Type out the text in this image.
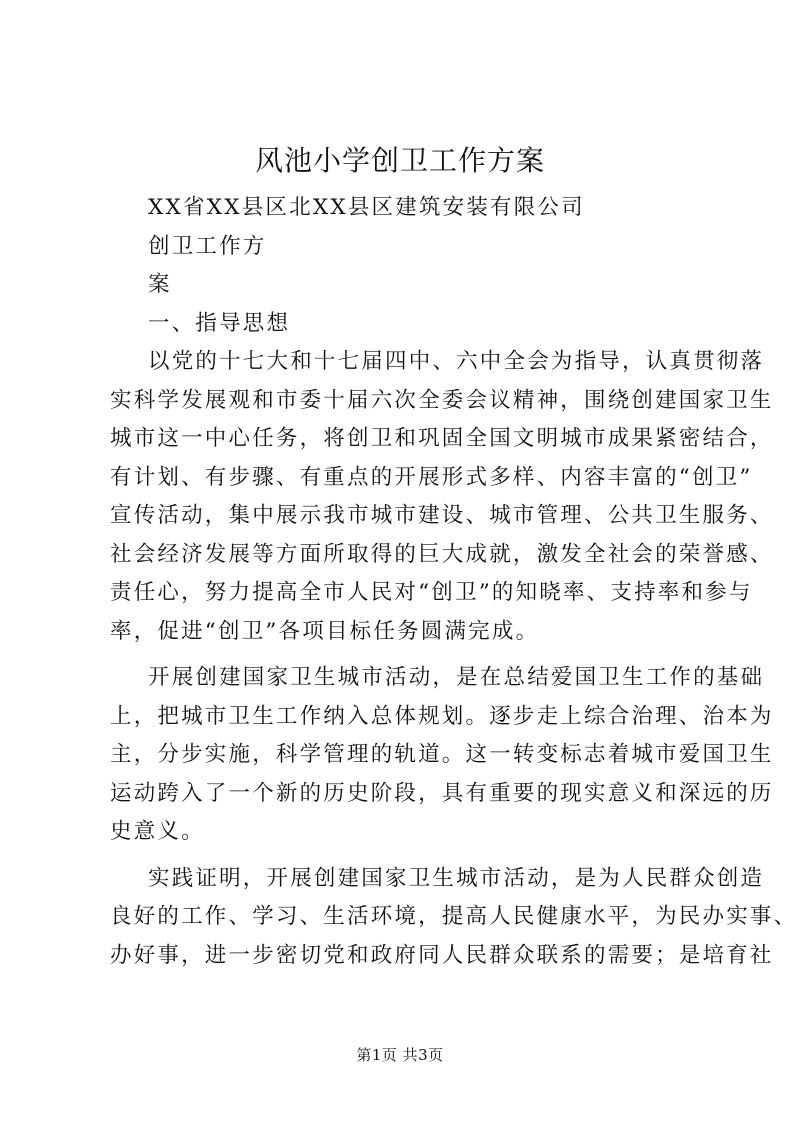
风池小学创卫工作方案
XX省XX县区北XX县区建筑安装有限公司
创卫工作方
案
一、指导思想
以党的十七大和十七届四中、六中全会为指导，认真贯彻落
实科学发展观和市委十届六次全委会议精神，围绕创建国家卫生
城市这一中心任务，将创卫和巩固全国文明城市成果紧密结合，
有计划、有步骤、有重点的开展形式多样、内容丰富的“创卫”
宣传活动，集中展示我市城市建设、城市管理、公共卫生服务、
社会经济发展等方面所取得的巨大成就，激发全社会的荣誉感、
责任心，努力提高全市人民对“创卫”的知晓率、支持率和参与
率，促进“创卫”各项目标任务圆满完成。
开展创建国家卫生城市活动，是在总结爱国卫生工作的基础
上，把城市卫生工作纳入总体规划。逐步走上综合治理、治本为
主，分步实施，科学管理的轨道。这一转变标志着城市爱国卫生
运动跨入了一个新的历史阶段，具有重要的现实意义和深远的历
史意义。
实践证明，开展创建国家卫生城市活动，是为人民群众创造
良好的工作、学习、生活环境，提高人民健康水平，为民办实事、
办好事，进一步密切党和政府同人民群众联系的需要；是培育社
第1页 共3页
